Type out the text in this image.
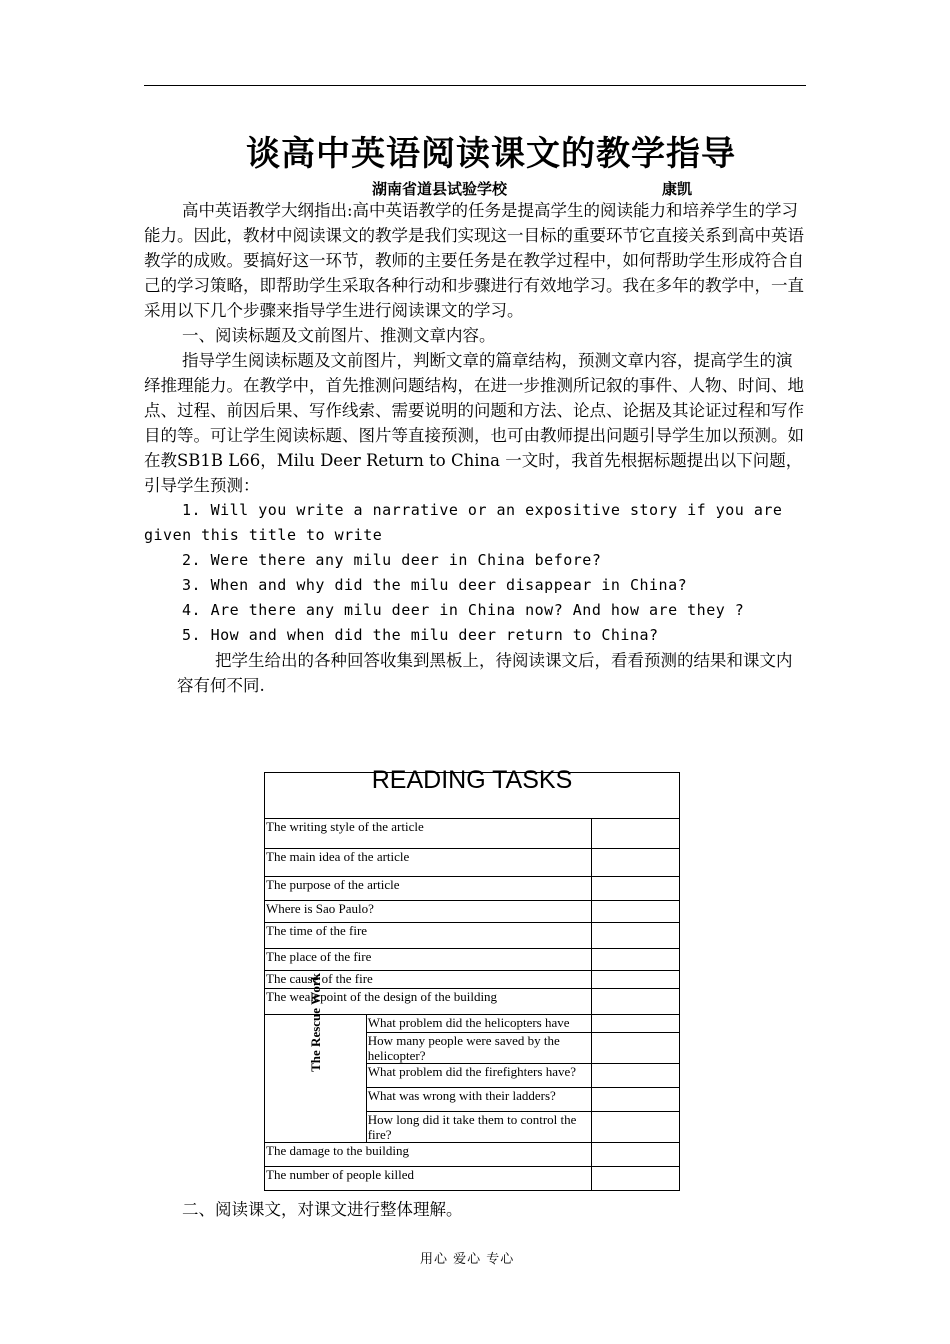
谈高中英语阅读课文的教学指导
湖南省道县试验学校	康凯

高中英语教学大纲指出:高中英语教学的任务是提高学生的阅读能力和培养学生的学习能力。因此，教材中阅读课文的教学是我们实现这一目标的重要环节它直接关系到高中英语教学的成败。要搞好这一环节，教师的主要任务是在教学过程中，如何帮助学生形成符合自己的学习策略，即帮助学生采取各种行动和步骤进行有效地学习。我在多年的教学中，一直采用以下几个步骤来指导学生进行阅读课文的学习。

一、阅读标题及文前图片、推测文章内容。

指导学生阅读标题及文前图片，判断文章的篇章结构，预测文章内容，提高学生的演绎推理能力。在教学中，首先推测问题结构，在进一步推测所记叙的事件、人物、时间、地点、过程、前因后果、写作线索、需要说明的问题和方法、论点、论据及其论证过程和写作目的等。可让学生阅读标题、图片等直接预测，也可由教师提出问题引导学生加以预测。如在教SB1B L66，Milu Deer Return to China 一文时，我首先根据标题提出以下问题，引导学生预测：

1. Will you write a narrative or an expositive story if you are given this title to write

2. Were there any milu deer in China before?

3. When and why did the milu deer disappear in China?

4. Are there any milu deer in China now? And how are they ?

5. How and when did the milu deer return to China?

把学生给出的各种回答收集到黑板上，待阅读课文后，看看预测的结果和课文内容有何不同.

READING TASKS		
The writing style of the article		
The main idea of the article		
The purpose of the article		
Where is Sao Paulo?		
The time of the fire		
The place of the fire		
The cause of the fire		
The weak point of the design of the building		
The Rescue Work	What problem did the helicopters have	
	How many people were saved by the helicopter?	
	What problem did the firefighters have?	
	What was wrong with their ladders?	
	How long did it take them to control the fire?	
The damage to the building		
The number of people killed		
二、阅读课文，对课文进行整体理解。
用心 爱心 专心
